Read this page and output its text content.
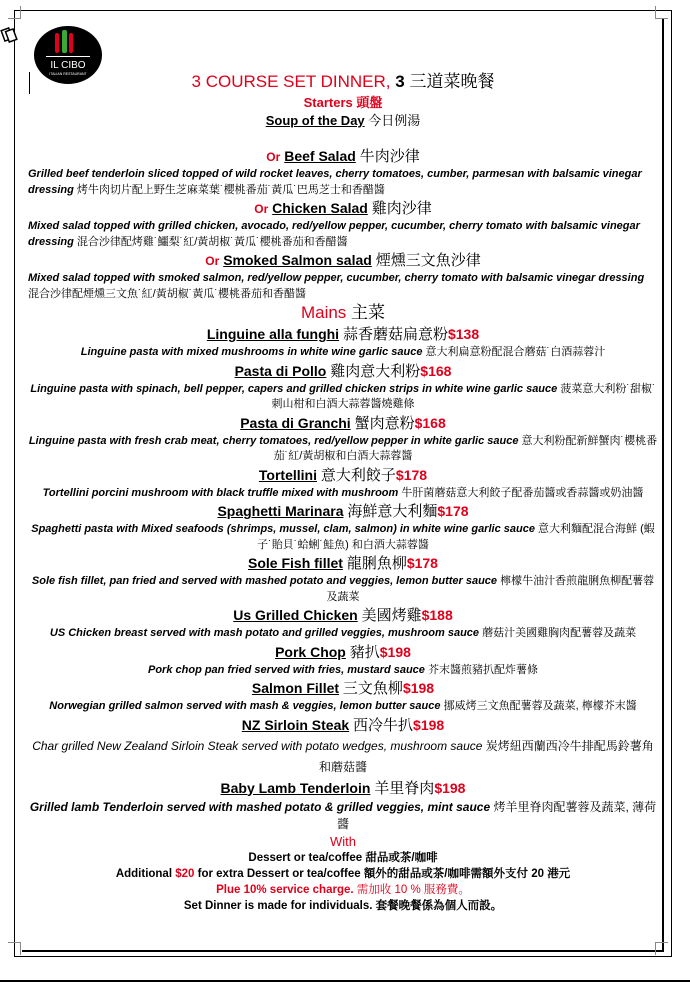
IL CIBO
ITALIAN RESTAURANT	3 COURSE SET DINNER, 3 三道菜晚餐
Starters 頭盤
Soup of the Day 今日例湯
Or Beef Salad 牛肉沙律
Grilled beef tenderloin sliced topped of wild rocket leaves, cherry tomatoes, cumber, parmesan with balsamic vinegar dressing 烤牛肉切片配上野生芝麻菜葉˙櫻桃番茄˙黃瓜˙巴馬芝士和香醋醬
Or Chicken Salad 雞肉沙律
Mixed salad topped with grilled chicken, avocado, red/yellow pepper, cucumber, cherry tomato with balsamic vinegar dressing 混合沙律配烤雞˙鱷梨˙紅/黃胡椒˙黃瓜˙櫻桃番茄和香醋醬
Or Smoked Salmon salad 煙燻三文魚沙律
Mixed salad topped with smoked salmon, red/yellow pepper, cucumber, cherry tomato with balsamic vinegar dressing 混合沙律配煙燻三文魚˙紅/黃胡椒˙黃瓜˙櫻桃番茄和香醋醬
Mains 主菜
Linguine alla funghi 蒜香蘑菇扁意粉$138
Linguine pasta with mixed mushrooms in white wine garlic sauce 意大利扁意粉配混合蘑菇˙白酒蒜蓉汁
Pasta di Pollo 雞肉意大利粉$168
Linguine pasta with spinach, bell pepper, capers and grilled chicken strips in white wine garlic sauce 菠菜意大利粉˙甜椒˙刺山柑和白酒大蒜蓉醬燒雞條
Pasta di Granchi 蟹肉意粉$168
Linguine pasta with fresh crab meat, cherry tomatoes, red/yellow pepper in white garlic sauce 意大利粉配新鮮蟹肉˙櫻桃番茄˙紅/黃胡椒和白酒大蒜蓉醬
Tortellini 意大利餃子$178
Tortellini porcini mushroom with black truffle mixed with mushroom 牛肝菌蘑菇意大利餃子配番茄醬或香蒜醬或奶油醬
Spaghetti Marinara 海鮮意大利麵$178
Spaghetti pasta with Mixed seafoods (shrimps, mussel, clam, salmon) in white wine garlic sauce 意大利麵配混合海鮮 (蝦子˙貽貝˙蛤蜊˙鮭魚) 和白酒大蒜蓉醬
Sole Fish fillet 龍脷魚柳$178
Sole fish fillet, pan fried and served with mashed potato and veggies, lemon butter sauce 檸檬牛油汁香煎龍脷魚柳配薯蓉及蔬菜
Us Grilled Chicken 美國烤雞$188
US Chicken breast served with mash potato and grilled veggies, mushroom sauce 蘑菇汁美國雞胸肉配薯蓉及蔬菜
Pork Chop 豬扒$198
Pork chop pan fried served with fries, mustard sauce 芥末醬煎豬扒配炸薯條
Salmon Fillet 三文魚柳$198
Norwegian grilled salmon served with mash & veggies, lemon butter sauce 挪威烤三文魚配薯蓉及蔬菜, 檸檬芥末醬
NZ Sirloin Steak 西冷牛扒$198
Char grilled New Zealand Sirloin Steak served with potato wedges, mushroom sauce 炭烤紐西蘭西冷牛排配馬鈴薯角和蘑菇醬
Baby Lamb Tenderloin 羊里脊肉$198
Grilled lamb Tenderloin served with mashed potato & grilled veggies, mint sauce 烤羊里脊肉配薯蓉及蔬菜, 薄荷醬
With
Dessert or tea/coffee 甜品或茶/咖啡
Additional $20 for extra Dessert or tea/coffee 額外的甜品或茶/咖啡需額外支付 20 港元
Plue 10% service charge. 需加收 10 % 服務費。
Set Dinner is made for individuals. 套餐晚餐係為個人而設。
